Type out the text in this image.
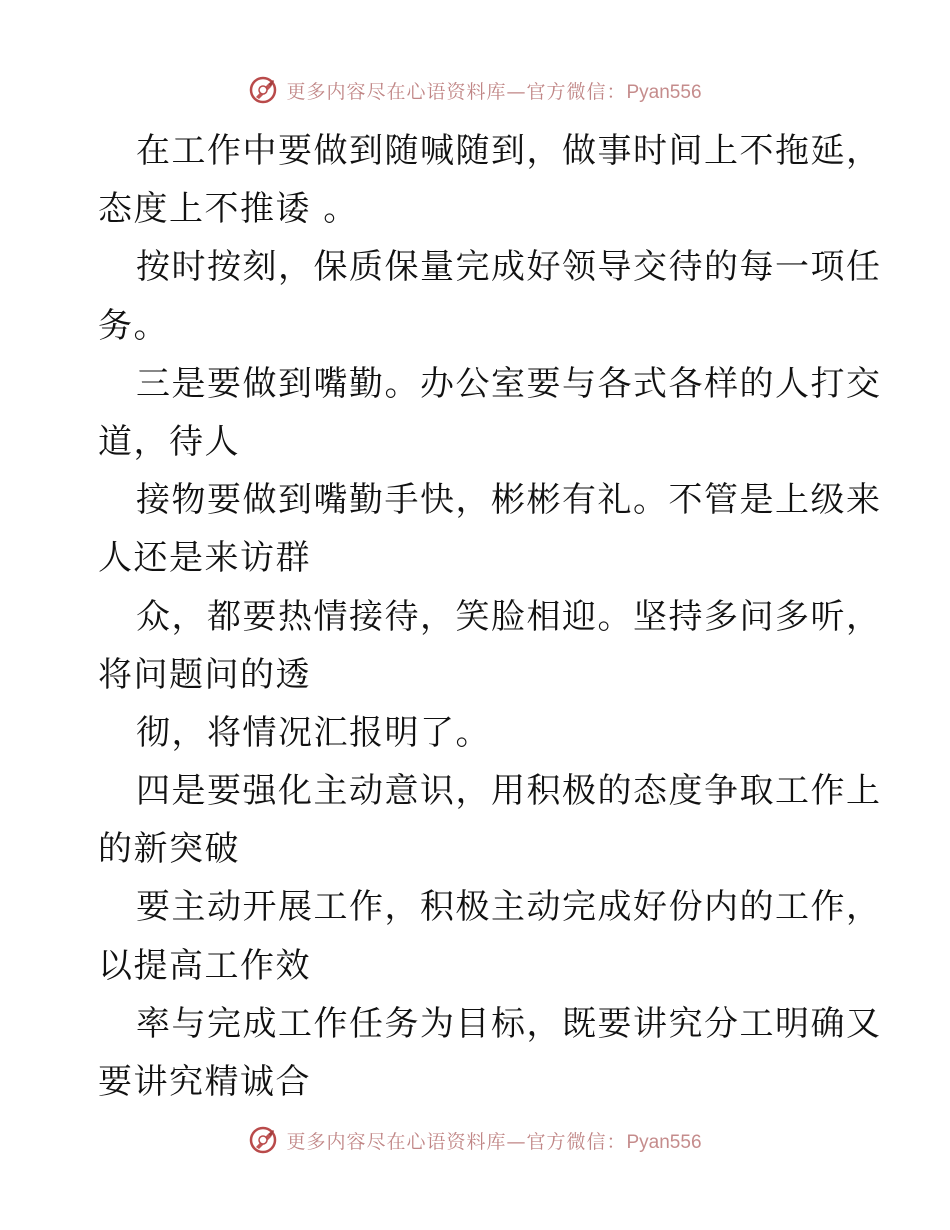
更多内容尽在心语资料库—官方微信：Pyan556
在工作中要做到随喊随到，做事时间上不拖延，
态度上不推诿 。
按时按刻，保质保量完成好领导交待的每一项任
务。
三是要做到嘴勤。办公室要与各式各样的人打交
道，待人
接物要做到嘴勤手快，彬彬有礼。不管是上级来
人还是来访群
众，都要热情接待，笑脸相迎。坚持多问多听，
将问题问的透
彻，将情况汇报明了。
四是要强化主动意识，用积极的态度争取工作上
的新突破
要主动开展工作，积极主动完成好份内的工作，
以提高工作效
率与完成工作任务为目标，既要讲究分工明确又
要讲究精诚合
更多内容尽在心语资料库—官方微信：Pyan556
